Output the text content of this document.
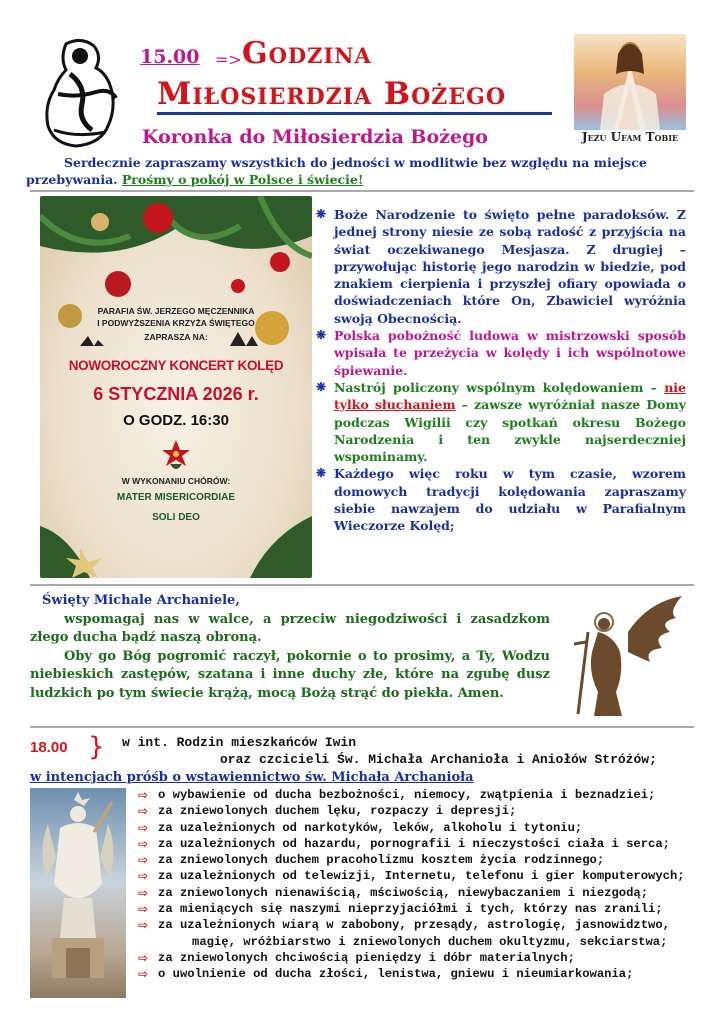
15.00 => Godzina
Miłosierdzia Bożego
Koronka do Miłosierdzia Bożego	Jezu Ufam Tobie
Serdecznie zapraszamy wszystkich do jedności w modlitwie bez względu na miejsce przebywania. Prośmy o pokój w Polsce i świecie!
PARAFIA ŚW. JERZEGO MĘCZENNIKA
I PODWYŻSZENIA KRZYŻA ŚWIĘTEGO
ZAPRASZA NA:
NOWOROCZNY KONCERT KOLĘD
6 STYCZNIA 2026 r.
O GODZ. 16:30
W WYKONANIU CHÓRÓW:
MATER MISERICORDIAE
SOLI DEO
❋ Boże Narodzenie to święto pełne paradoksów. Z jednej strony niesie ze sobą radość z przyjścia na świat oczekiwanego Mesjasza. Z drugiej – przywołując historię jego narodzin w biedzie, pod znakiem cierpienia i przyszłej ofiary opowiada o doświadczeniach które On, Zbawiciel wyróżnia swoją Obecnością.
❋ Polska pobożność ludowa w mistrzowski sposób wpisała te przeżycia w kolędy i ich wspólnotowe śpiewanie.
❋ Nastrój policzony wspólnym kolędowaniem – nie tylko słuchaniem – zawsze wyróżniał nasze Domy podczas Wigilii czy spotkań okresu Bożego Narodzenia i ten zwykle najserdeczniej wspominamy.
❋ Każdego więc roku w tym czasie, wzorem domowych tradycji kolędowania zapraszamy siebie nawzajem do udziału w Parafialnym Wieczorze Kolęd;
Święty Michale Archaniele,
wspomagaj nas w walce, a przeciw niegodziwości i zasadzkom złego ducha bądź naszą obroną.
Oby go Bóg pogromić raczył, pokornie o to prosimy, a Ty, Wodzu niebieskich zastępów, szatana i inne duchy złe, które na zgubę dusz ludzkich po tym świecie krążą, mocą Bożą strąć do piekła. Amen.
18.00 } w int. Rodzin mieszkańców Iwin
oraz czcicieli Św. Michała Archanioła i Aniołów Stróżów;
w intencjach próśb o wstawiennictwo św. Michała Archanioła
⇨ o wybawienie od ducha bezbożności, niemocy, zwątpienia i beznadziei;
⇨ za zniewolonych duchem lęku, rozpaczy i depresji;
⇨ za uzależnionych od narkotyków, leków, alkoholu i tytoniu;
⇨ za uzależnionych od hazardu, pornografii i nieczystości ciała i serca;
⇨ za zniewolonych duchem pracoholizmu kosztem życia rodzinnego;
⇨ za uzależnionych od telewizji, Internetu, telefonu i gier komputerowych;
⇨ za zniewolonych nienawiścią, mściwością, niewybaczaniem i niezgodą;
⇨ za mieniących się naszymi nieprzyjaciółmi i tych, którzy nas zranili;
⇨ za uzależnionych wiarą w zabobony, przesądy, astrologię, jasnowidztwo,
magię, wróżbiarstwo i zniewolonych duchem okultyzmu, sekciarstwa;
⇨ za zniewolonych chciwością pieniędzy i dóbr materialnych;
⇨ o uwolnienie od ducha złości, lenistwa, gniewu i nieumiarkowania;
